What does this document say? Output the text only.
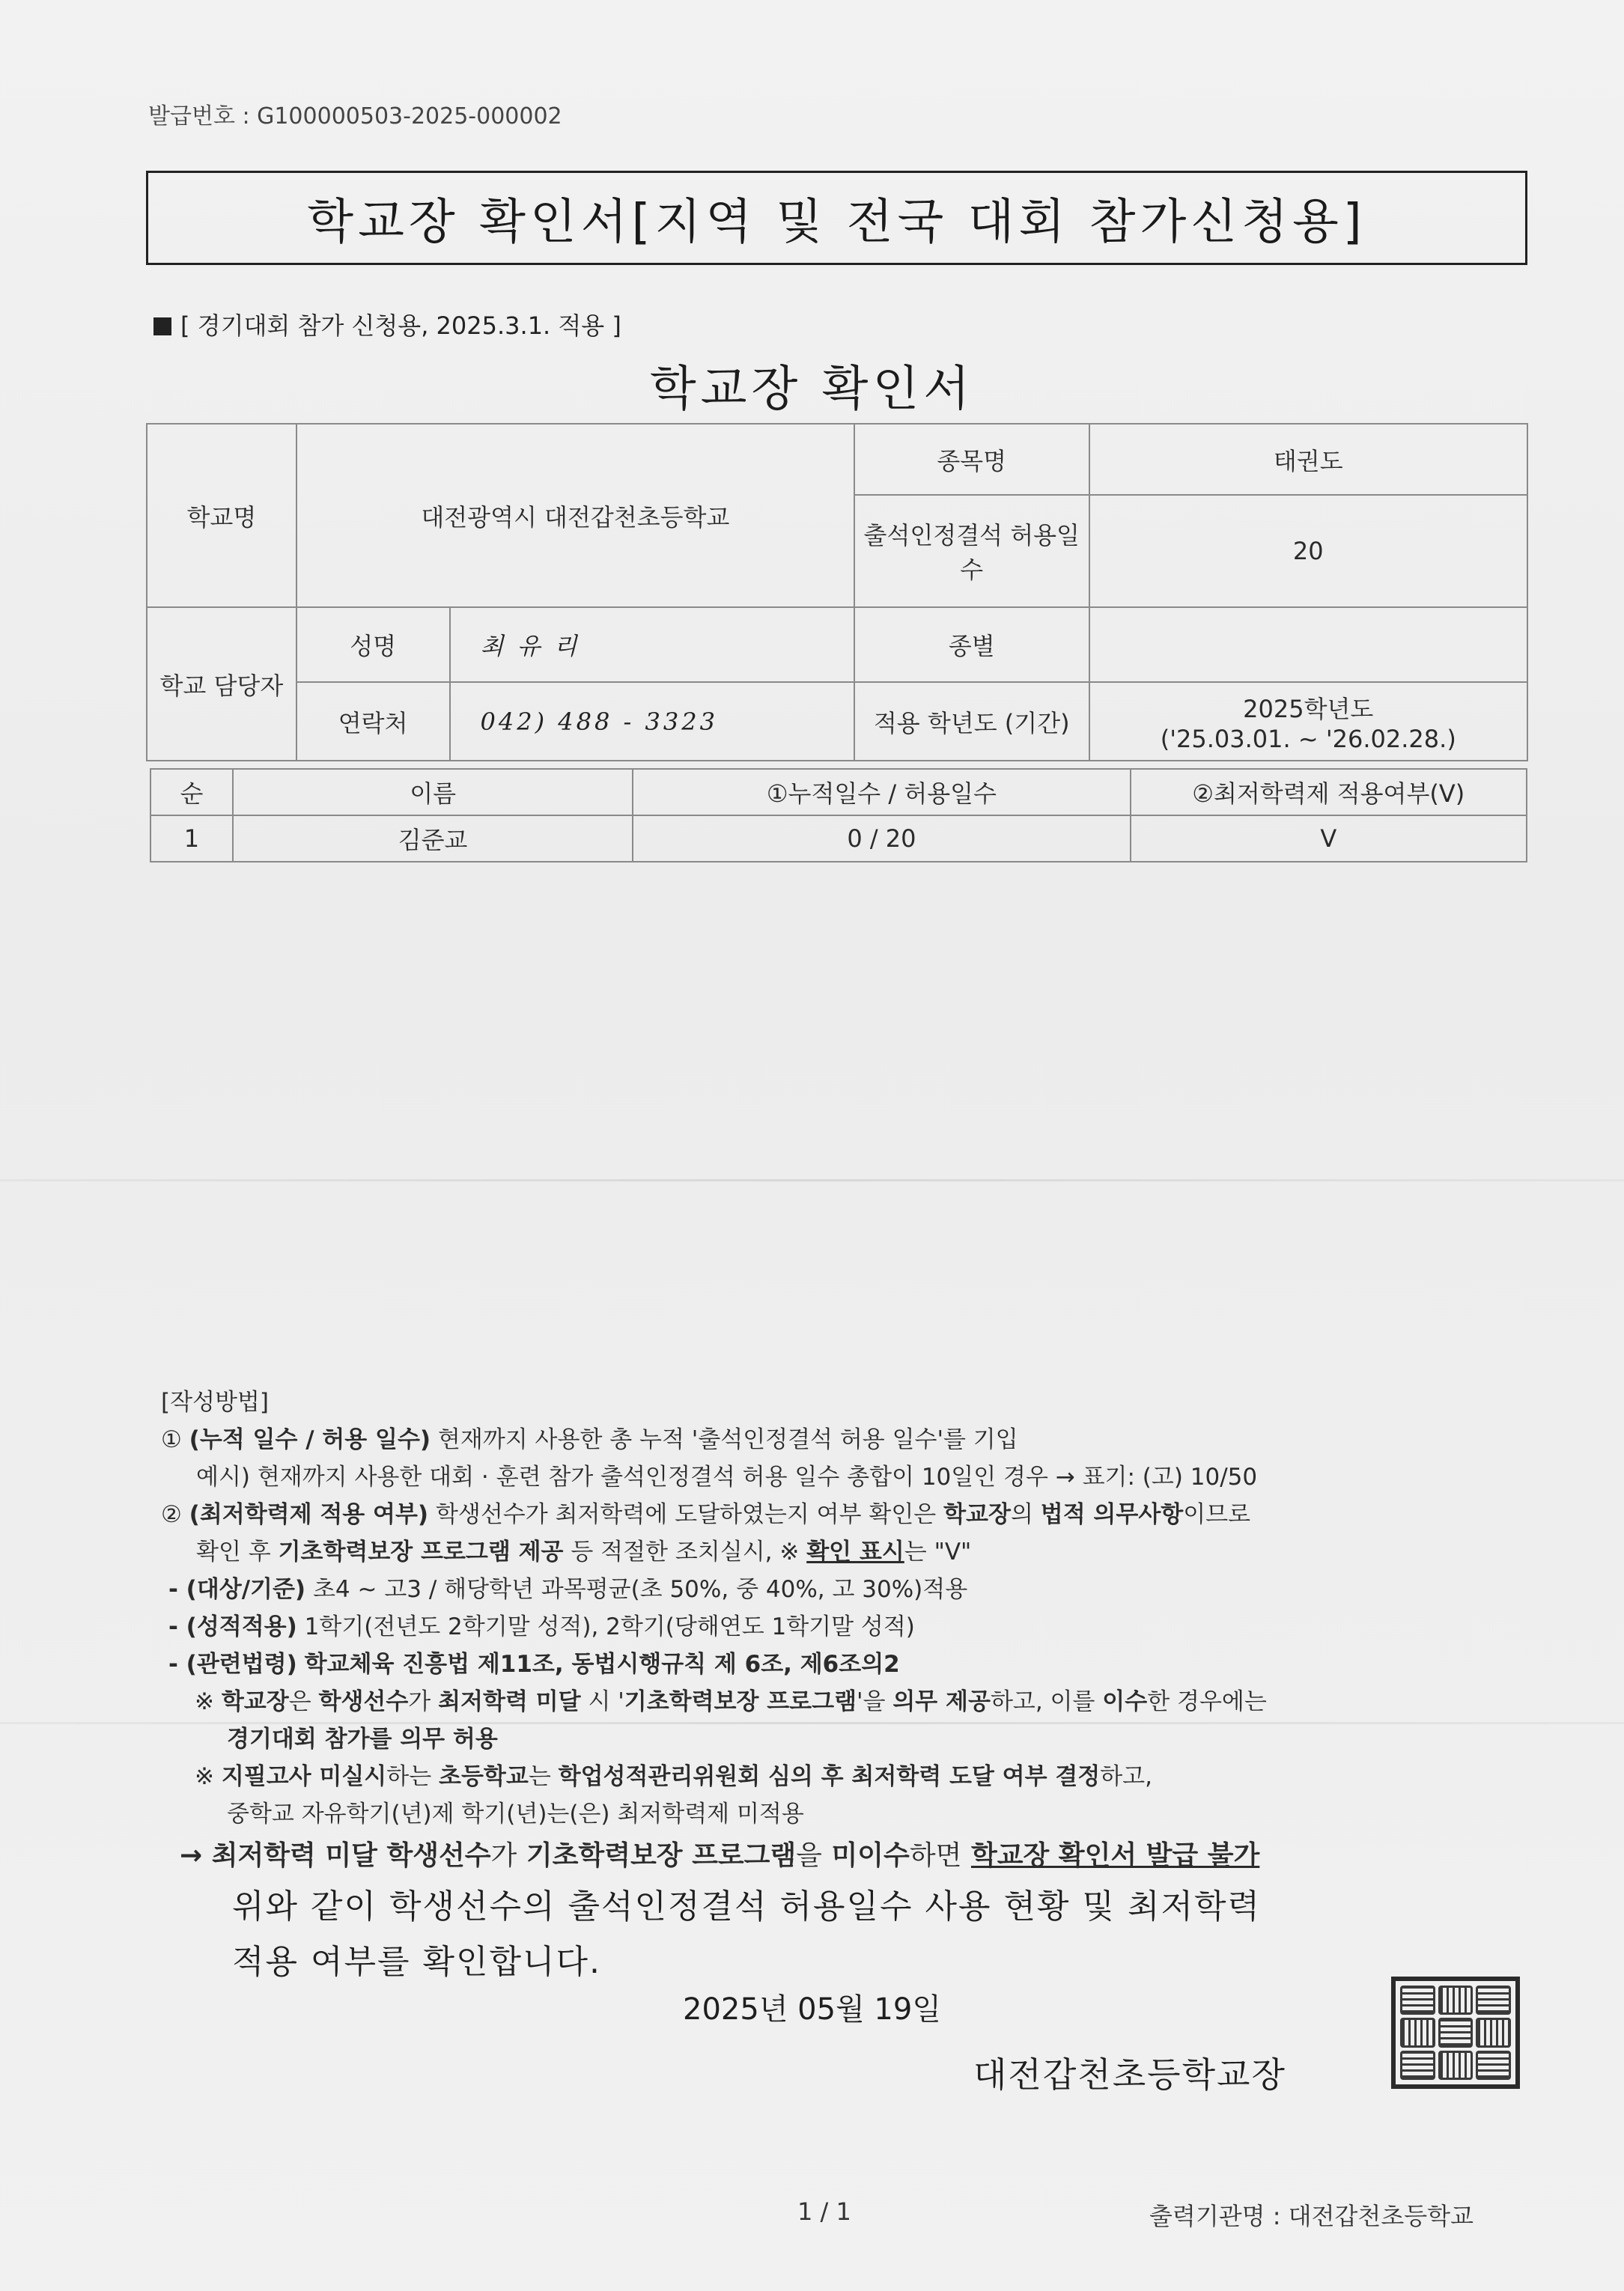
발급번호 : G100000503-2025-000002
학교장 확인서[지역 및 전국 대회 참가신청용]
[ 경기대회 참가 신청용, 2025.3.1. 적용 ]
학교장 확인서
학교명	대전광역시 대전갑천초등학교		종목명	태권도
			출석인정결석 허용일수	20
학교 담당자	성명	최 유 리	종별	
	연락처	042) 488 - 3323	적용 학년도 (기간)	2025학년도
('25.03.01. ~ '26.02.28.)
순	이름	①누적일수 / 허용일수	②최저학력제 적용여부(V)
1	김준교	0 / 20	V

[작성방법]

① (누적 일수 / 허용 일수) 현재까지 사용한 총 누적 '출석인정결석 허용 일수'를 기입

예시) 현재까지 사용한 대회 · 훈련 참가 출석인정결석 허용 일수 총합이 10일인 경우 → 표기: (고) 10/50

② (최저학력제 적용 여부) 학생선수가 최저학력에 도달하였는지 여부 확인은 학교장의 법적 의무사항이므로

확인 후 기초학력보장 프로그램 제공 등 적절한 조치실시, ※ 확인 표시는 "V"

- (대상/기준) 초4 ~ 고3 / 해당학년 과목평균(초 50%, 중 40%, 고 30%)적용

- (성적적용) 1학기(전년도 2학기말 성적), 2학기(당해연도 1학기말 성적)

- (관련법령) 학교체육 진흥법 제11조, 동법시행규칙 제 6조, 제6조의2

※ 학교장은 학생선수가 최저학력 미달 시 '기초학력보장 프로그램'을 의무 제공하고, 이를 이수한 경우에는

경기대회 참가를 의무 허용

※ 지필고사 미실시하는 초등학교는 학업성적관리위원회 심의 후 최저학력 도달 여부 결정하고,

중학교 자유학기(년)제 학기(년)는(은) 최저학력제 미적용

→ 최저학력 미달 학생선수가 기초학력보장 프로그램을 미이수하면 학교장 확인서 발급 불가

위와 같이 학생선수의 출석인정결석 허용일수 사용 현황 및 최저학력
적용 여부를 확인합니다.
2025년 05월 19일
대전갑천초등학교장
1 / 1	출력기관명 : 대전갑천초등학교
